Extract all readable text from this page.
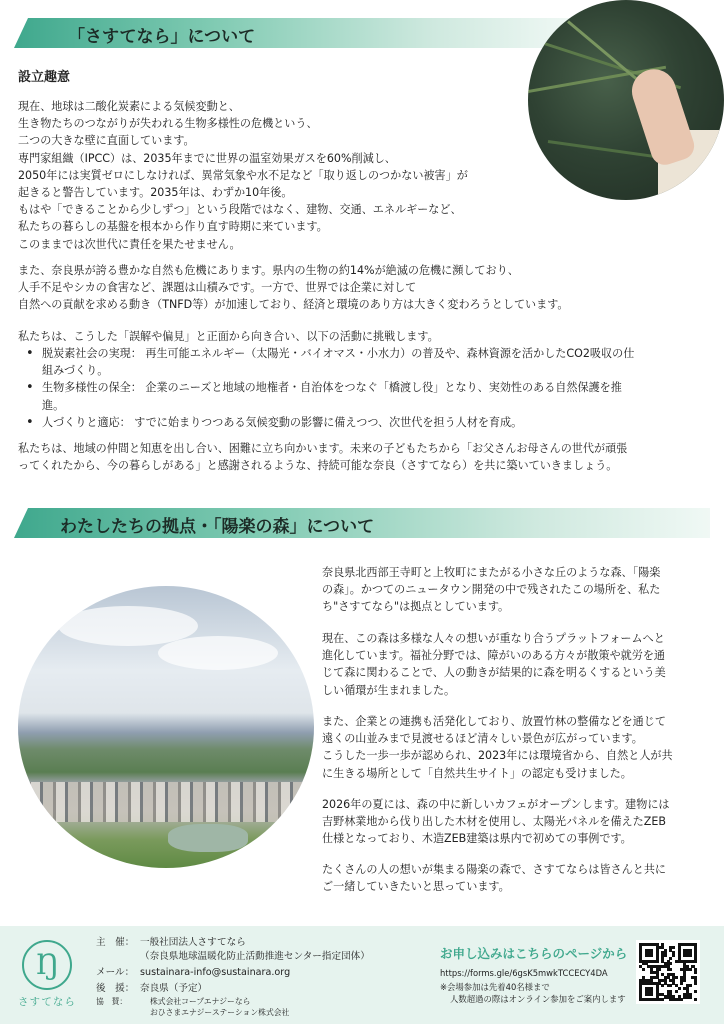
「さすてなら」について
設立趣意
現在、地球は二酸化炭素による気候変動と、
生き物たちのつながりが失われる生物多様性の危機という、
二つの大きな壁に直面しています。
専門家組織（IPCC）は、2035年までに世界の温室効果ガスを60%削減し、
2050年には実質ゼロにしなければ、異常気象や水不足など「取り返しのつかない被害」が
起きると警告しています。2035年は、わずか10年後。
もはや「できることから少しずつ」という段階ではなく、建物、交通、エネルギーなど、
私たちの暮らしの基盤を根本から作り直す時期に来ています。
このままでは次世代に責任を果たせません。
また、奈良県が誇る豊かな自然も危機にあります。県内の生物の約14%が絶滅の危機に瀕しており、
人手不足やシカの食害など、課題は山積みです。一方で、世界では企業に対して
自然への貢献を求める動き（TNFD等）が加速しており、経済と環境のあり方は大きく変わろうとしています。
私たちは、こうした「誤解や偏見」と正面から向き合い、以下の活動に挑戦します。
• 脱炭素社会の実現： 再生可能エネルギー（太陽光・バイオマス・小水力）の普及や、森林資源を活かしたCO2吸収の仕
組みづくり。
• 生物多様性の保全： 企業のニーズと地域の地権者・自治体をつなぐ「橋渡し役」となり、実効性のある自然保護を推
進。
• 人づくりと適応： すでに始まりつつある気候変動の影響に備えつつ、次世代を担う人材を育成。
私たちは、地域の仲間と知恵を出し合い、困難に立ち向かいます。未来の子どもたちから「お父さんお母さんの世代が頑張
ってくれたから、今の暮らしがある」と感謝されるような、持続可能な奈良（さすてなら）を共に築いていきましょう。
わたしたちの拠点・「陽楽の森」について
奈良県北西部王寺町と上牧町にまたがる小さな丘のような森、「陽楽
の森」。かつてのニュータウン開発の中で残されたこの場所を、私た
ち"さすてなら"は拠点としています。
現在、この森は多様な人々の想いが重なり合うプラットフォームへと
進化しています。福祉分野では、障がいのある方々が散策や就労を通
じて森に関わることで、人の動きが結果的に森を明るくするという美
しい循環が生まれました。
また、企業との連携も活発化しており、放置竹林の整備などを通じて
遠くの山並みまで見渡せるほど清々しい景色が広がっています。
こうした一歩一歩が認められ、2023年には環境省から、自然と人が共
に生きる場所として「自然共生サイト」の認定も受けました。
2026年の夏には、森の中に新しいカフェがオープンします。建物には
吉野林業地から伐り出した木材を使用し、太陽光パネルを備えたZEB
仕様となっており、木造ZEB建築は県内で初めての事例です。
たくさんの人の想いが集まる陽楽の森で、さすてならは皆さんと共に
ご一緒していきたいと思っています。
Ŋ
さすてなら
主　催： 一般社団法人さすてなら
（奈良県地球温暖化防止活動推進センター指定団体）
メール： sustainara-info@sustainara.org
後　援： 奈良県（予定）
協　賛：	株式会社コープエナジーなら
おひさまエナジーステーション株式会社
お申し込みはこちらのページから
https://forms.gle/6gsK5mwkTCCECY4DA
※会場参加は先着40名様まで
人数超過の際はオンライン参加をご案内します
